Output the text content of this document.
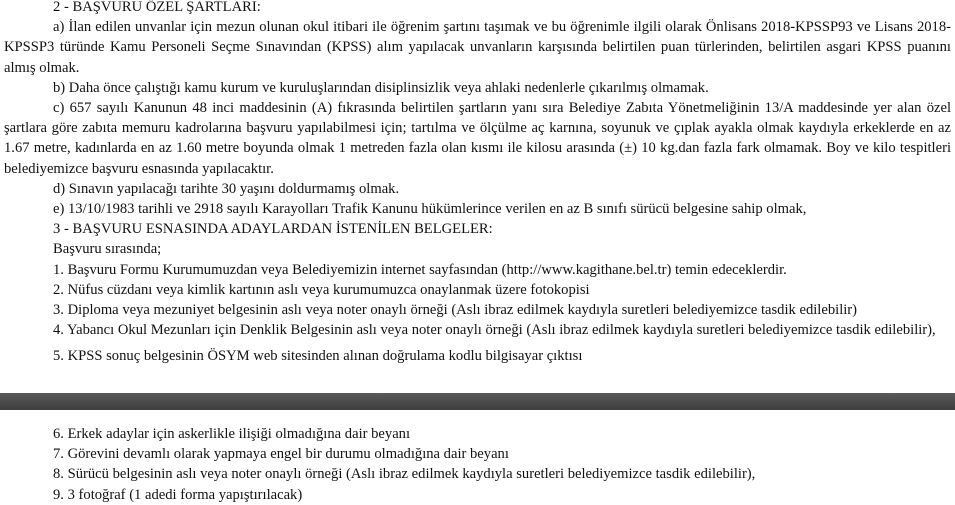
2 - BAŞVURU ÖZEL ŞARTLARI:

a) İlan edilen unvanlar için mezun olunan okul itibari ile öğrenim şartını taşımak ve bu öğrenimle ilgili olarak Önlisans 2018-KPSSP93 ve Lisans 2018-KPSSP3 türünde Kamu Personeli Seçme Sınavından (KPSS) alım yapılacak unvanların karşısında belirtilen puan türlerinden, belirtilen asgari KPSS puanını almış olmak.

b) Daha önce çalıştığı kamu kurum ve kuruluşlarından disiplinsizlik veya ahlaki nedenlerle çıkarılmış olmamak.

c) 657 sayılı Kanunun 48 inci maddesinin (A) fıkrasında belirtilen şartların yanı sıra Belediye Zabıta Yönetmeliğinin 13/A maddesinde yer alan özel şartlara göre zabıta memuru kadrolarına başvuru yapılabilmesi için; tartılma ve ölçülme aç karnına, soyunuk ve çıplak ayakla olmak kaydıyla erkeklerde en az 1.67 metre, kadınlarda en az 1.60 metre boyunda olmak 1 metreden fazla olan kısmı ile kilosu arasında (±) 10 kg.dan fazla fark olmamak. Boy ve kilo tespitleri belediyemizce başvuru esnasında yapılacaktır.

d) Sınavın yapılacağı tarihte 30 yaşını doldurmamış olmak.

e) 13/10/1983 tarihli ve 2918 sayılı Karayolları Trafik Kanunu hükümlerince verilen en az B sınıfı sürücü belgesine sahip olmak,

3 - BAŞVURU ESNASINDA ADAYLARDAN İSTENİLEN BELGELER:

Başvuru sırasında;

1. Başvuru Formu Kurumumuzdan veya Belediyemizin internet sayfasından (http://www.kagithane.bel.tr) temin edeceklerdir.

2. Nüfus cüzdanı veya kimlik kartının aslı veya kurumumuzca onaylanmak üzere fotokopisi

3. Diploma veya mezuniyet belgesinin aslı veya noter onaylı örneği (Aslı ibraz edilmek kaydıyla suretleri belediyemizce tasdik edilebilir)

4. Yabancı Okul Mezunları için Denklik Belgesinin aslı veya noter onaylı örneği (Aslı ibraz edilmek kaydıyla suretleri belediyemizce tasdik edilebilir),

5. KPSS sonuç belgesinin ÖSYM web sitesinden alınan doğrulama kodlu bilgisayar çıktısı

6. Erkek adaylar için askerlikle ilişiği olmadığına dair beyanı

7. Görevini devamlı olarak yapmaya engel bir durumu olmadığına dair beyanı

8. Sürücü belgesinin aslı veya noter onaylı örneği (Aslı ibraz edilmek kaydıyla suretleri belediyemizce tasdik edilebilir),

9. 3 fotoğraf (1 adedi forma yapıştırılacak)
